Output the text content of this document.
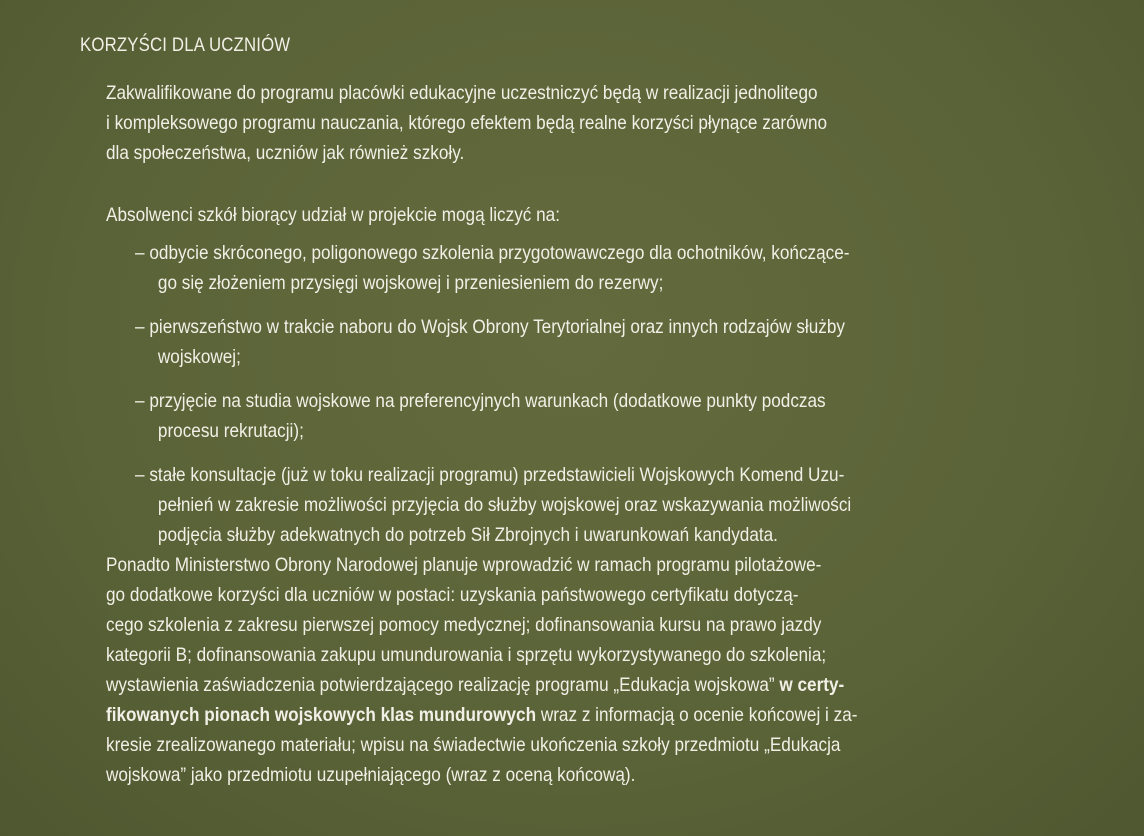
KORZYŚCI DLA UCZNIÓW
Zakwalifikowane do programu placówki edukacyjne uczestniczyć będą w realizacji jednolitego
i kompleksowego programu nauczania, którego efektem będą realne korzyści płynące zarówno
dla społeczeństwa, uczniów jak również szkoły.
Absolwenci szkół biorący udział w projekcie mogą liczyć na:
– odbycie skróconego, poligonowego szkolenia przygotowawczego dla ochotników, kończące-
go się złożeniem przysięgi wojskowej i przeniesieniem do rezerwy;
– pierwszeństwo w trakcie naboru do Wojsk Obrony Terytorialnej oraz innych rodzajów służby
wojskowej;
– przyjęcie na studia wojskowe na preferencyjnych warunkach (dodatkowe punkty podczas
procesu rekrutacji);
– stałe konsultacje (już w toku realizacji programu) przedstawicieli Wojskowych Komend Uzu-
pełnień w zakresie możliwości przyjęcia do służby wojskowej oraz wskazywania możliwości
podjęcia służby adekwatnych do potrzeb Sił Zbrojnych i uwarunkowań kandydata.
Ponadto Ministerstwo Obrony Narodowej planuje wprowadzić w ramach programu pilotażowe-
go dodatkowe korzyści dla uczniów w postaci: uzyskania państwowego certyfikatu dotyczą-
cego szkolenia z zakresu pierwszej pomocy medycznej; dofinansowania kursu na prawo jazdy
kategorii B; dofinansowania zakupu umundurowania i sprzętu wykorzystywanego do szkolenia;
wystawienia zaświadczenia potwierdzającego realizację programu „Edukacja wojskowa” w certy-
fikowanych pionach wojskowych klas mundurowych wraz z informacją o ocenie końcowej i za-
kresie zrealizowanego materiału; wpisu na świadectwie ukończenia szkoły przedmiotu „Edukacja
wojskowa” jako przedmiotu uzupełniającego (wraz z oceną końcową).
